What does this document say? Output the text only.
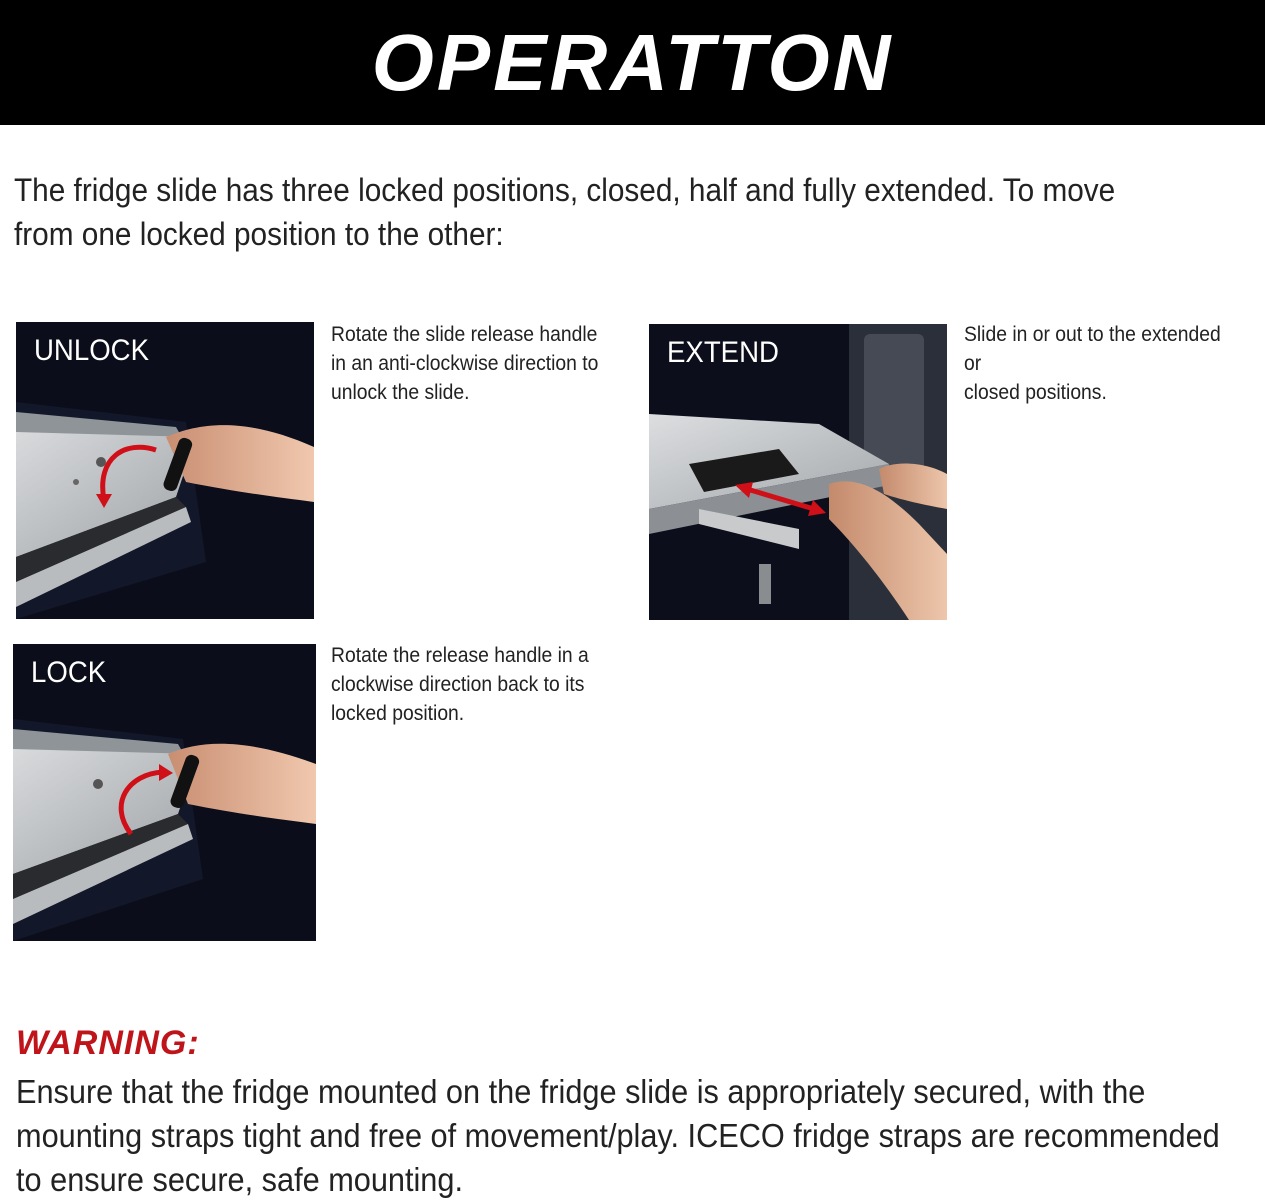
OPERATTON
The fridge slide has three locked positions, closed, half and fully extended. To move from one locked position to the other:
UNLOCK	Rotate the slide release handle
in an anti-clockwise direction to
unlock the slide.
EXTEND
Slide in or out to the extended or
closed positions.
LOCK
Rotate the release handle in a
clockwise direction back to its
locked position.
WARNING:
Ensure that the fridge mounted on the fridge slide is appropriately secured, with the mounting straps tight and free of movement/play. ICECO fridge straps are recommended to ensure secure, safe mounting.
